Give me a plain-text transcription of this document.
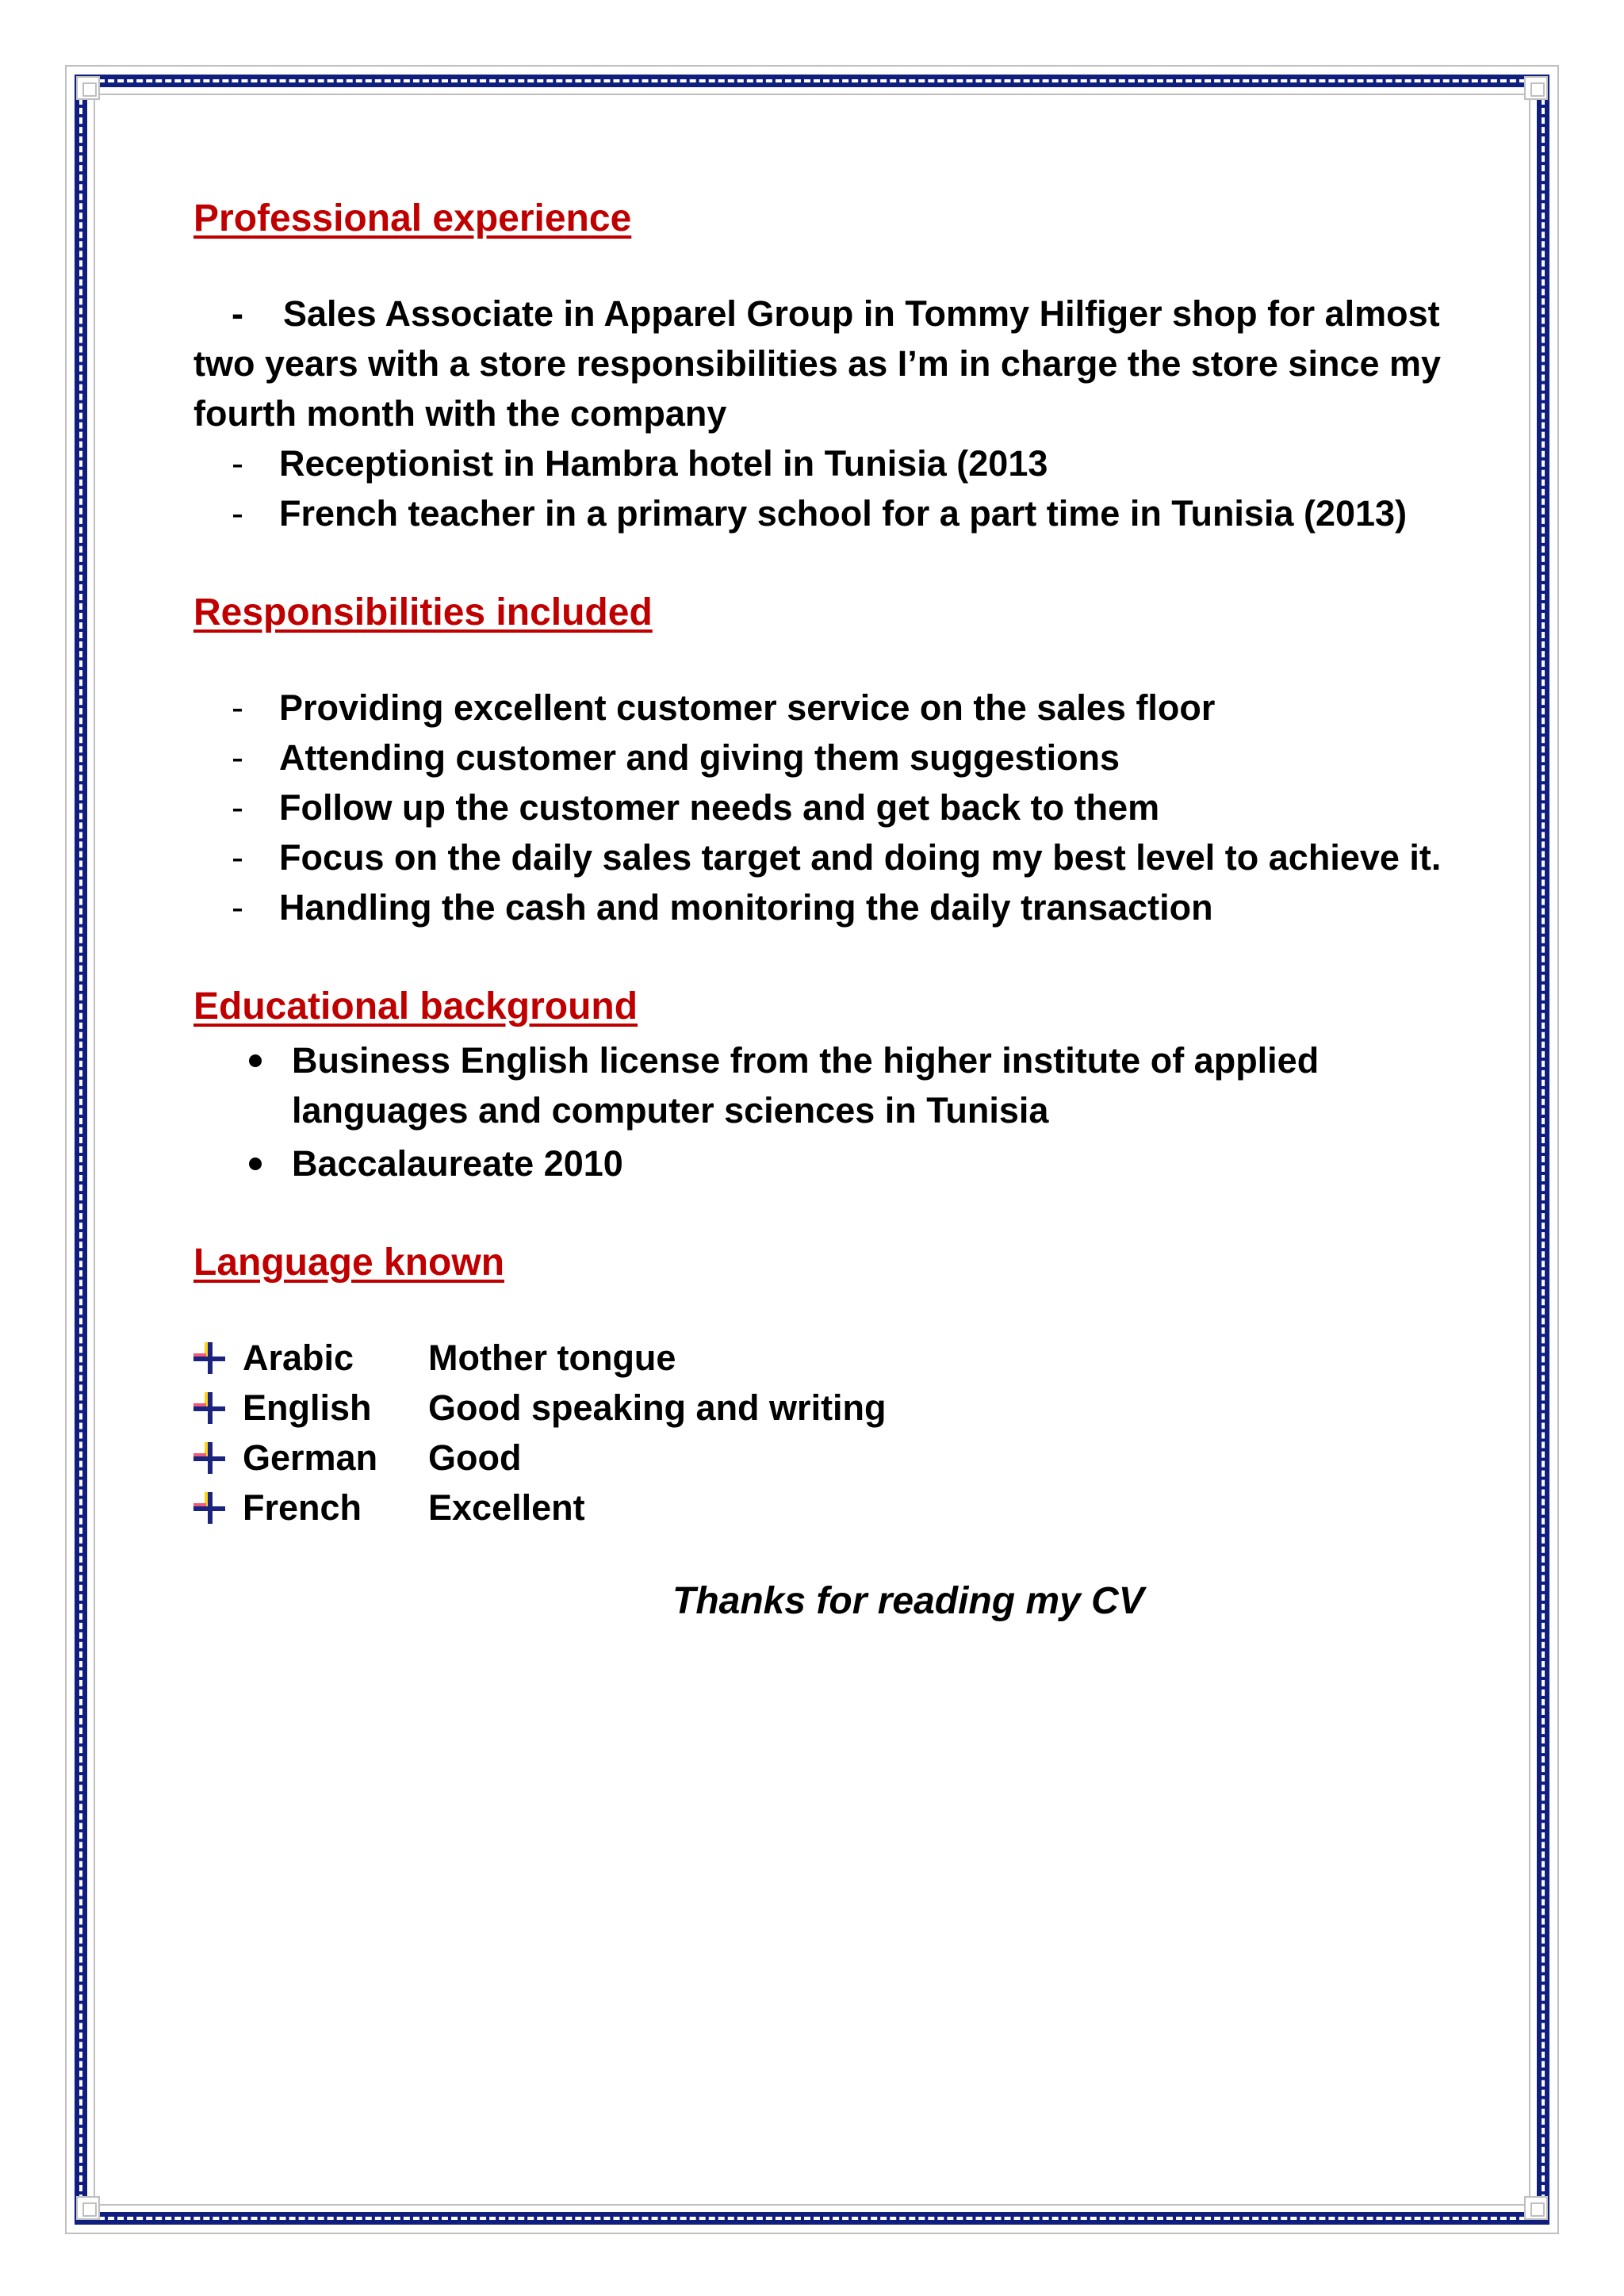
Professional experience
- Sales Associate in Apparel Group in Tommy Hilfiger shop for almost two years with a store responsibilities as I’m in charge the store since my fourth month with the company
- Receptionist in Hambra hotel in Tunisia (2013
- French teacher in a primary school for a part time in Tunisia (2013)
Responsibilities included
- Providing excellent customer service on the sales floor
- Attending customer and giving them suggestions
- Follow up the customer needs and get back to them
- Focus on the daily sales target and doing my best level to achieve it.
- Handling the cash and monitoring the daily transaction
Educational background
Business English license from the higher institute of applied languages and computer sciences in Tunisia
Baccalaureate 2010
Language known
Arabic	Mother tongue
English	Good speaking and writing
German	Good
French	Excellent
Thanks for reading my CV
